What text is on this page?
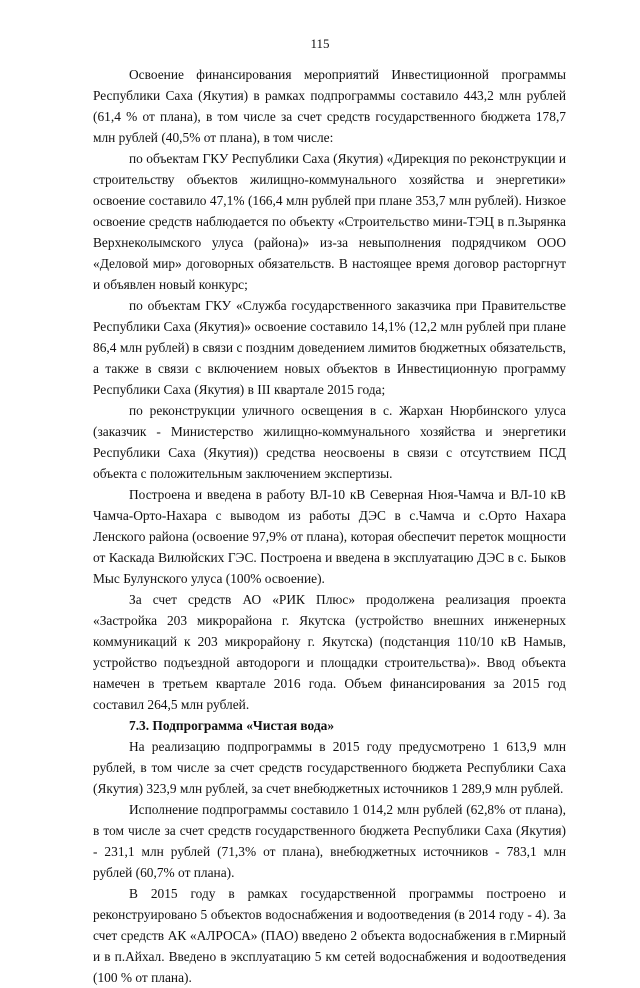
115

Освоение финансирования мероприятий Инвестиционной программы Республики Саха (Якутия) в рамках подпрограммы составило 443,2 млн рублей (61,4 % от плана), в том числе за счет средств государственного бюджета 178,7 млн рублей (40,5% от плана), в том числе:

по объектам ГКУ Республики Саха (Якутия) «Дирекция по реконструкции и строительству объектов жилищно-коммунального хозяйства и энергетики» освоение составило 47,1% (166,4 млн рублей при плане 353,7 млн рублей). Низкое освоение средств наблюдается по объекту «Строительство мини-ТЭЦ в п.Зырянка Верхнеколымского улуса (района)» из-за невыполнения подрядчиком ООО «Деловой мир» договорных обязательств. В настоящее время договор расторгнут и объявлен новый конкурс;

по объектам ГКУ «Служба государственного заказчика при Правительстве Республики Саха (Якутия)» освоение составило 14,1% (12,2 млн рублей при плане 86,4 млн рублей) в связи с поздним доведением лимитов бюджетных обязательств, а также в связи с включением новых объектов в Инвестиционную программу Республики Саха (Якутия) в III квартале 2015 года;

по реконструкции уличного освещения в с. Жархан Нюрбинского улуса (заказчик - Министерство жилищно-коммунального хозяйства и энергетики Республики Саха (Якутия)) средства неосвоены в связи с отсутствием ПСД объекта с положительным заключением экспертизы.

Построена и введена в работу ВЛ-10 кВ Северная Нюя-Чамча и ВЛ-10 кВ Чамча-Орто-Нахара с выводом из работы ДЭС в с.Чамча и с.Орто Нахара Ленского района (освоение 97,9% от плана), которая обеспечит переток мощности от Каскада Вилюйских ГЭС. Построена и введена в эксплуатацию ДЭС в с. Быков Мыс Булунского улуса (100% освоение).

За счет средств АО «РИК Плюс» продолжена реализация проекта «Застройка 203 микрорайона г. Якутска (устройство внешних инженерных коммуникаций к 203 микрорайону г. Якутска) (подстанция 110/10 кВ Намыв, устройство подъездной автодороги и площадки строительства)». Ввод объекта намечен в третьем квартале 2016 года. Объем финансирования за 2015 год составил 264,5 млн рублей.

7.3. Подпрограмма «Чистая вода»

На реализацию подпрограммы в 2015 году предусмотрено 1 613,9 млн рублей, в том числе за счет средств государственного бюджета Республики Саха (Якутия) 323,9 млн рублей, за счет внебюджетных источников 1 289,9 млн рублей.

Исполнение подпрограммы составило 1 014,2 млн рублей (62,8% от плана), в том числе за счет средств государственного бюджета Республики Саха (Якутия) - 231,1 млн рублей (71,3% от плана), внебюджетных источников - 783,1 млн рублей (60,7% от плана).

В 2015 году в рамках государственной программы построено и реконструировано 5 объектов водоснабжения и водоотведения (в 2014 году - 4). За счет средств АК «АЛРОСА» (ПАО) введено 2 объекта водоснабжения в г.Мирный и в п.Айхал. Введено в эксплуатацию 5 км сетей водоснабжения и водоотведения (100 % от плана).
